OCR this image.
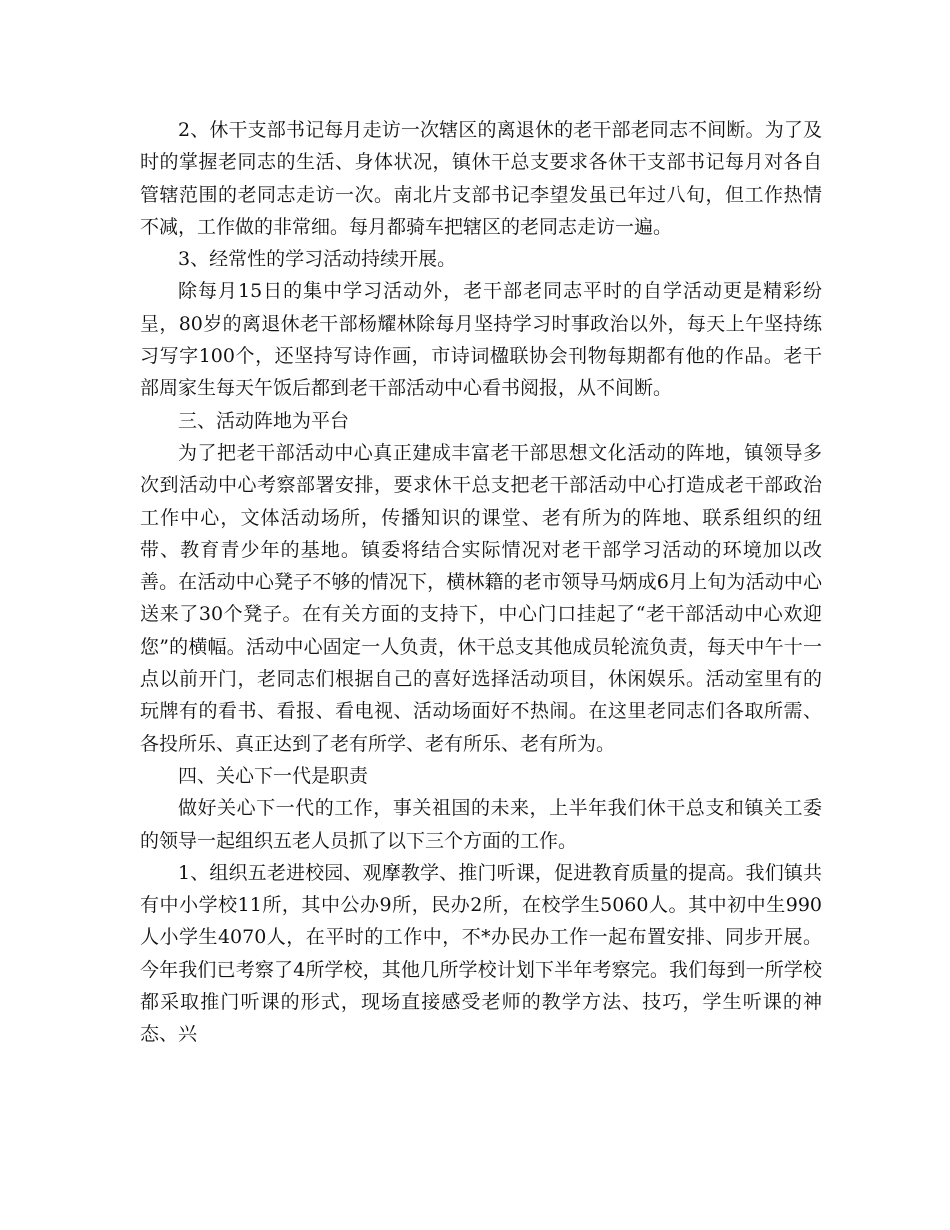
2、休干支部书记每月走访一次辖区的离退休的老干部老同志不间断。为了及时的掌握老同志的生活、身体状况，镇休干总支要求各休干支部书记每月对各自管辖范围的老同志走访一次。南北片支部书记李望发虽已年过八旬，但工作热情不减，工作做的非常细。每月都骑车把辖区的老同志走访一遍。

3、经常性的学习活动持续开展。

除每月15日的集中学习活动外，老干部老同志平时的自学活动更是精彩纷呈，80岁的离退休老干部杨耀林除每月坚持学习时事政治以外，每天上午坚持练习写字100个，还坚持写诗作画，市诗词楹联协会刊物每期都有他的作品。老干部周家生每天午饭后都到老干部活动中心看书阅报，从不间断。

三、活动阵地为平台

为了把老干部活动中心真正建成丰富老干部思想文化活动的阵地，镇领导多次到活动中心考察部署安排，要求休干总支把老干部活动中心打造成老干部政治工作中心，文体活动场所，传播知识的课堂、老有所为的阵地、联系组织的纽带、教育青少年的基地。镇委将结合实际情况对老干部学习活动的环境加以改善。在活动中心凳子不够的情况下，横林籍的老市领导马炳成6月上旬为活动中心送来了30个凳子。在有关方面的支持下，中心门口挂起了“老干部活动中心欢迎您”的横幅。活动中心固定一人负责，休干总支其他成员轮流负责，每天中午十一点以前开门，老同志们根据自己的喜好选择活动项目，休闲娱乐。活动室里有的玩牌有的看书、看报、看电视、活动场面好不热闹。在这里老同志们各取所需、各投所乐、真正达到了老有所学、老有所乐、老有所为。

四、关心下一代是职责

做好关心下一代的工作，事关祖国的未来，上半年我们休干总支和镇关工委的领导一起组织五老人员抓了以下三个方面的工作。

1、组织五老进校园、观摩教学、推门听课，促进教育质量的提高。我们镇共有中小学校11所，其中公办9所，民办2所，在校学生5060人。其中初中生990人小学生4070人，在平时的工作中，不*办民办工作一起布置安排、同步开展。今年我们已考察了4所学校，其他几所学校计划下半年考察完。我们每到一所学校都采取推门听课的形式，现场直接感受老师的教学方法、技巧，学生听课的神态、兴
